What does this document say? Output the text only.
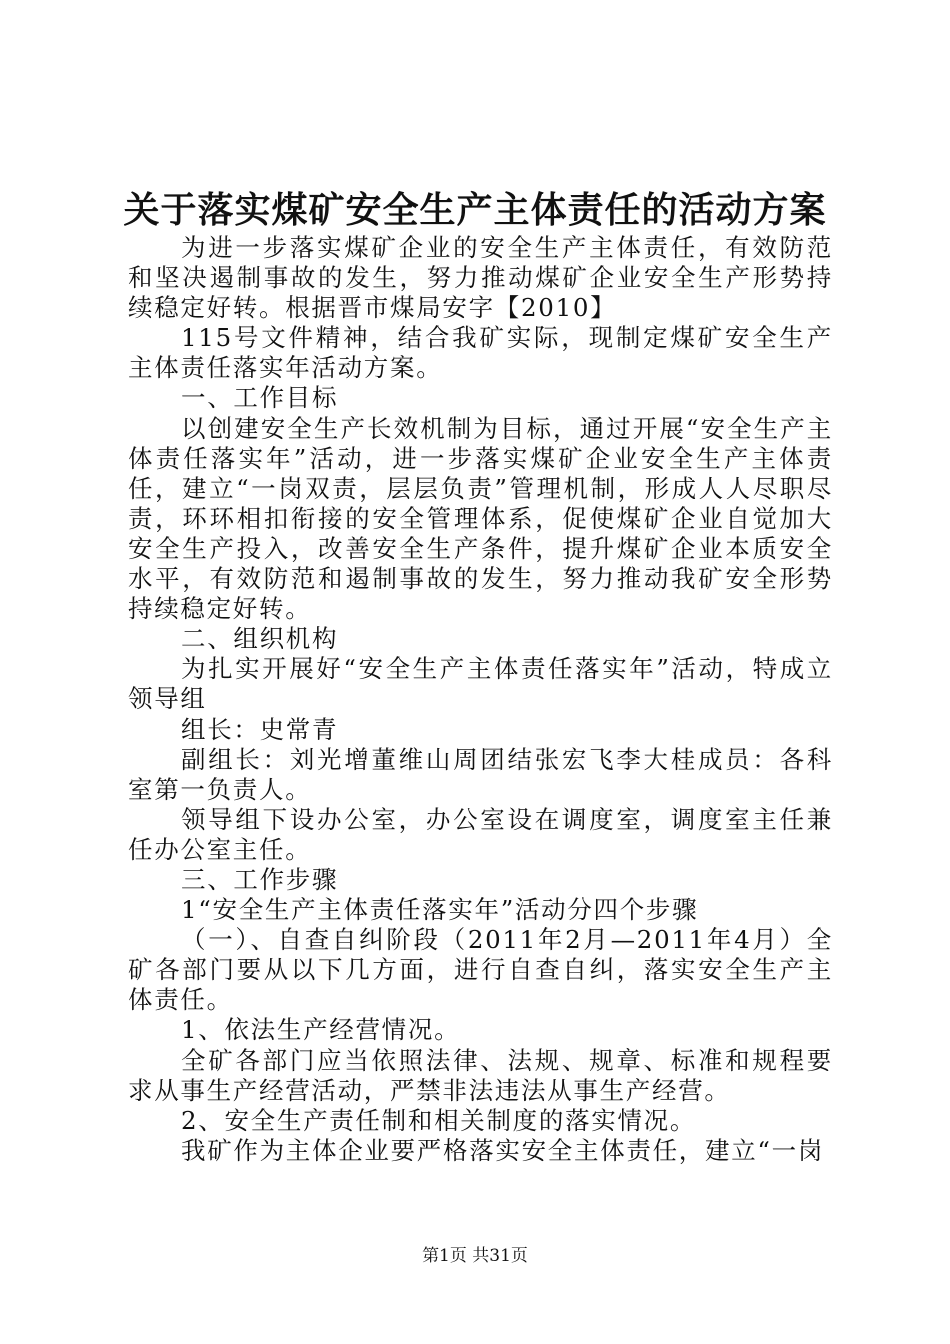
关于落实煤矿安全生产主体责任的活动方案

为进一步落实煤矿企业的安全生产主体责任，有效防范和坚决遏制事故的发生，努力推动煤矿企业安全生产形势持续稳定好转。根据晋市煤局安字【2010】

115号文件精神，结合我矿实际，现制定煤矿安全生产主体责任落实年活动方案。

一、工作目标

以创建安全生产长效机制为目标，通过开展“安全生产主体责任落实年”活动，进一步落实煤矿企业安全生产主体责任，建立“一岗双责，层层负责”管理机制，形成人人尽职尽责，环环相扣衔接的安全管理体系，促使煤矿企业自觉加大安全生产投入，改善安全生产条件，提升煤矿企业本质安全水平，有效防范和遏制事故的发生，努力推动我矿安全形势持续稳定好转。

二、组织机构

为扎实开展好“安全生产主体责任落实年”活动，特成立领导组

组长：史常青

副组长：刘光增董维山周团结张宏飞李大桂成员：各科室第一负责人。

领导组下设办公室，办公室设在调度室，调度室主任兼任办公室主任。

三、工作步骤

1“安全生产主体责任落实年”活动分四个步骤

（一）、自查自纠阶段（2011年2月—2011年4月）全矿各部门要从以下几方面，进行自查自纠，落实安全生产主体责任。

1、依法生产经营情况。

全矿各部门应当依照法律、法规、规章、标准和规程要求从事生产经营活动，严禁非法违法从事生产经营。

2、安全生产责任制和相关制度的落实情况。

我矿作为主体企业要严格落实安全主体责任，建立“一岗

第1页 共31页
